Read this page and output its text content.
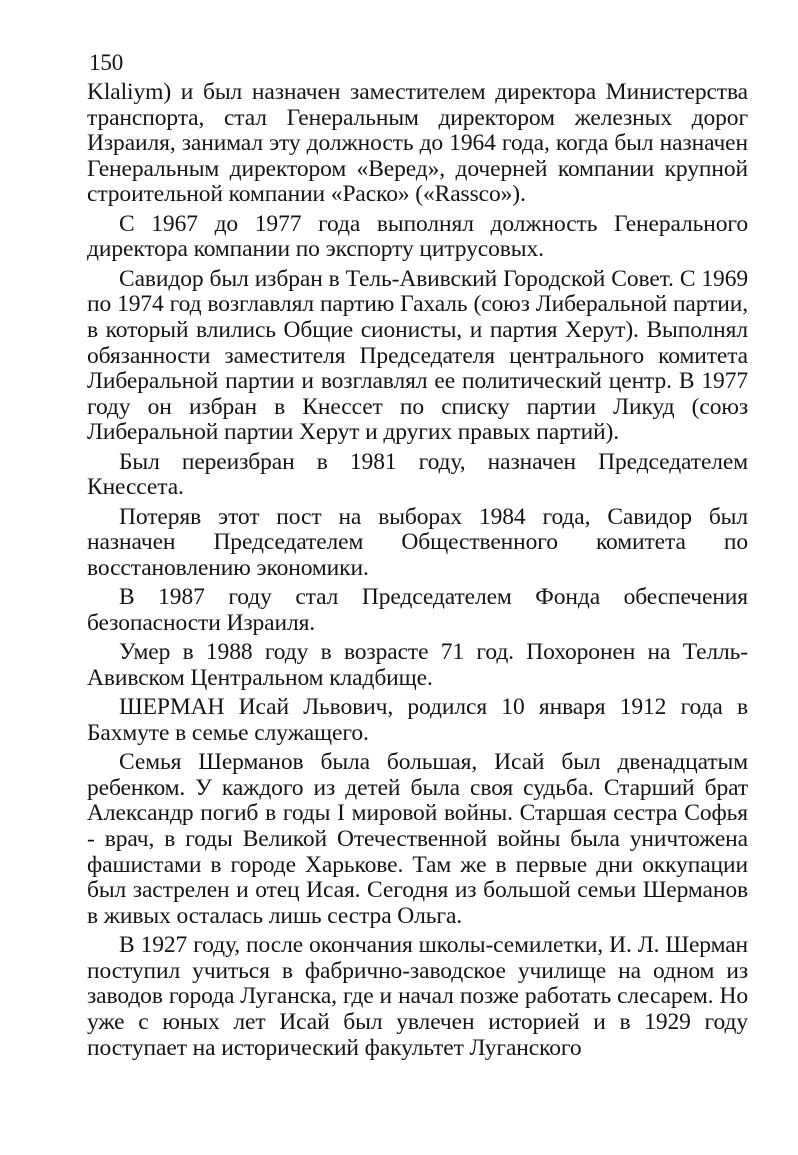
150

Klaliym) и был назначен заместителем директора Министерства транспорта, стал Генеральным директором железных дорог Израиля, занимал эту должность до 1964 года, когда был назначен Генеральным директором «Веред», дочерней компании крупной строительной компании «Раско» («Rassco»).

С 1967 до 1977 года выполнял должность Генерального директора компании по экспорту цитрусовых.

Савидор был избран в Тель-Авивский Городской Совет. С 1969 по 1974 год возглавлял партию Гахаль (союз Либеральной партии, в который влились Общие сионисты, и партия Херут). Выполнял обязанности заместителя Председателя центрального комитета Либеральной партии и возглавлял ее политический центр. В 1977 году он избран в Кнессет по списку партии Ликуд (союз Либеральной партии Херут и других правых партий).

Был переизбран в 1981 году, назначен Председателем Кнессета.

Потеряв этот пост на выборах 1984 года, Савидор был назначен Председателем Общественного комитета по восстановлению экономики.

В 1987 году стал Председателем Фонда обеспечения безопасности Израиля.

Умер в 1988 году в возрасте 71 год. Похоронен на Телль-Авивском Центральном кладбище.

ШЕРМАН Исай Львович, родился 10 января 1912 года в Бахмуте в семье служащего.

Семья Шерманов была большая, Исай был двенадцатым ребенком. У каждого из детей была своя судьба. Старший брат Александр погиб в годы I мировой войны. Старшая сестра Софья - врач, в годы Великой Отечественной войны была уничтожена фашистами в городе Харькове. Там же в первые дни оккупации был застрелен и отец Исая. Сегодня из большой семьи Шерманов в живых осталась лишь сестра Ольга.

В 1927 году, после окончания школы-семилетки, И. Л. Шерман поступил учиться в фабрично-заводское училище на одном из заводов города Луганска, где и начал позже работать слесарем. Но уже с юных лет Исай был увлечен историей и в 1929 году поступает на исторический факультет Луганского
